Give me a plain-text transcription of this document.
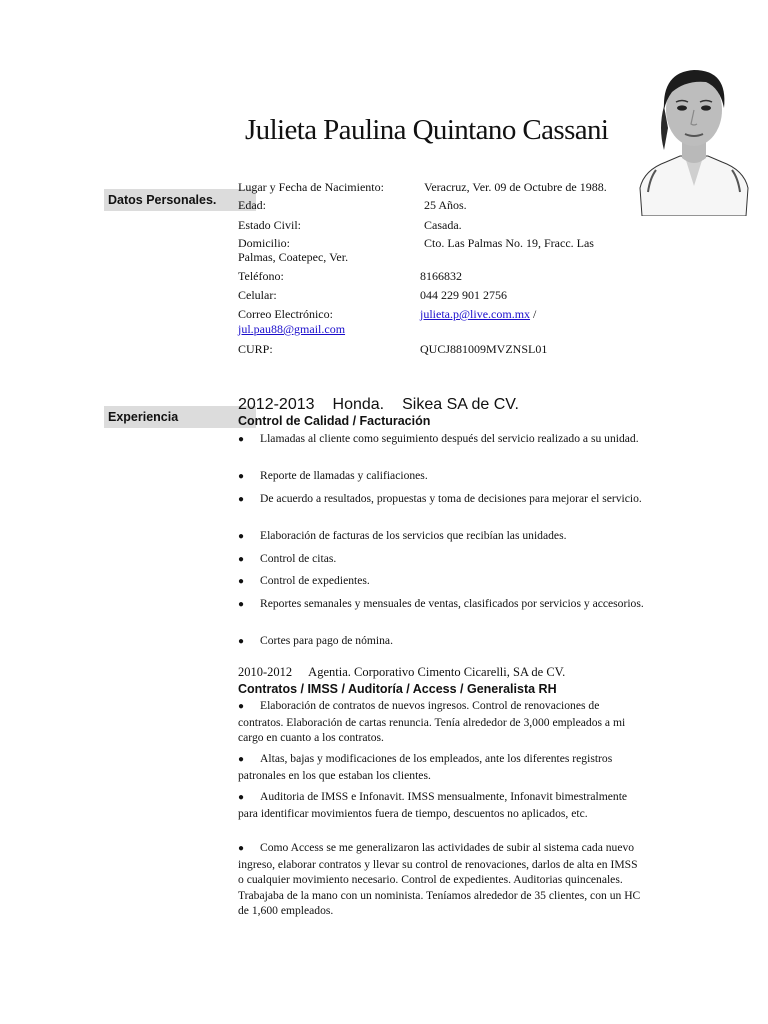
Julieta Paulina Quintano Cassani
Datos Personales.
Experiencia
Lugar y Fecha de Nacimiento:	Veracruz, Ver. 09 de Octubre de 1988.
Edad:	25 Años.
Estado Civil:	Casada.
Domicilio:	Cto. Las Palmas No. 19, Fracc. Las
Palmas, Coatepec, Ver.
Teléfono:	8166832
Celular:	044 229 901 2756
Correo Electrónico:	julieta.p@live.com.mx /
jul.pau88@gmail.com
CURP:	QUCJ881009MVZNSL01
2012-2013 Honda. Sikea SA de CV.
Control de Calidad / Facturación
● Llamadas al cliente como seguimiento después del servicio realizado a su unidad.
● Reporte de llamadas y califiaciones.
● De acuerdo a resultados, propuestas y toma de decisiones para mejorar el servicio.
● Elaboración de facturas de los servicios que recibían las unidades.
● Control de citas.
● Control de expedientes.
● Reportes semanales y mensuales de ventas, clasificados por servicios y accesorios.
● Cortes para pago de nómina.
2010-2012 Agentia. Corporativo Cimento Cicarelli, SA de CV.
Contratos / IMSS / Auditoría / Access / Generalista RH
● Elaboración de contratos de nuevos ingresos. Control de renovaciones de contratos. Elaboración de cartas renuncia. Tenía alrededor de 3,000 empleados a mi cargo en cuanto a los contratos.
● Altas, bajas y modificaciones de los empleados, ante los diferentes registros patronales en los que estaban los clientes.
● Auditoria de IMSS e Infonavit. IMSS mensualmente, Infonavit bimestralmente para identificar movimientos fuera de tiempo, descuentos no aplicados, etc.
● Como Access se me generalizaron las actividades de subir al sistema cada nuevo ingreso, elaborar contratos y llevar su control de renovaciones, darlos de alta en IMSS o cualquier movimiento necesario. Control de expedientes. Auditorias quincenales. Trabajaba de la mano con un nominista. Teníamos alrededor de 35 clientes, con un HC de 1,600 empleados.
